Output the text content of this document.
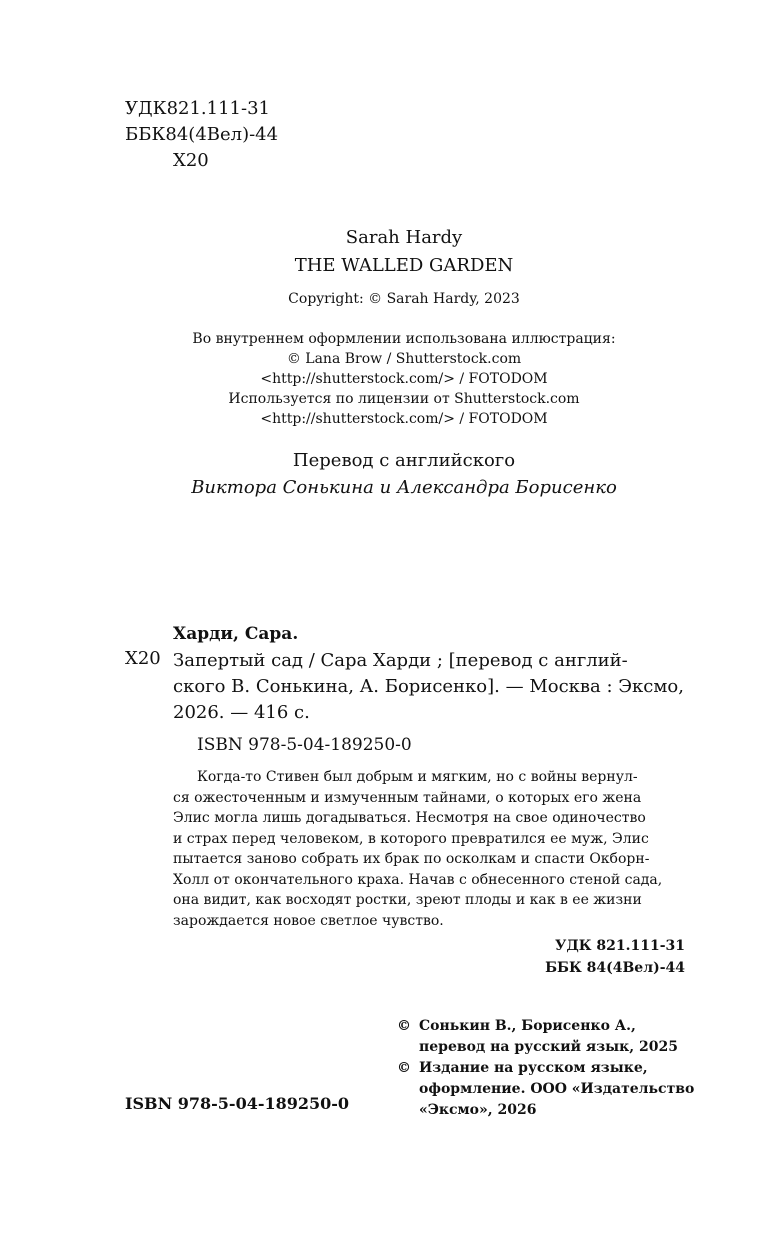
УДК821.111-31
ББК84(4Вел)-44
Х20
Sarah Hardy
THE WALLED GARDEN
Copyright: © Sarah Hardy, 2023
Во внутреннем оформлении использована иллюстрация:
© Lana Brow / Shutterstock.com
<http://shutterstock.com/> / FOTODOM
Используется по лицензии от Shutterstock.com
<http://shutterstock.com/> / FOTODOM
Перевод с английского
Виктора Сонькина и Александра Борисенко
Харди, Сара.
Х20 Запертый сад / Сара Харди ; [перевод с англий-
ского В. Сонькина, А. Борисенко]. — Москва : Эксмо,
2026. — 416 с.
ISBN 978-5-04-189250-0
Когда-то Стивен был добрым и мягким, но с войны вернул-
ся ожесточенным и измученным тайнами, о которых его жена
Элис могла лишь догадываться. Несмотря на свое одиночество
и страх перед человеком, в которого превратился ее муж, Элис
пытается заново собрать их брак по осколкам и спасти Окборн-
Холл от окончательного краха. Начав с обнесенного стеной сада,
она видит, как восходят ростки, зреют плоды и как в ее жизни
зарождается новое светлое чувство.
УДК 821.111-31
ББК 84(4Вел)-44
© Сонькин В., Борисенко А.,
перевод на русский язык, 2025
© Издание на русском языке,
оформление. ООО «Издательство
«Эксмо», 2026
ISBN 978-5-04-189250-0
